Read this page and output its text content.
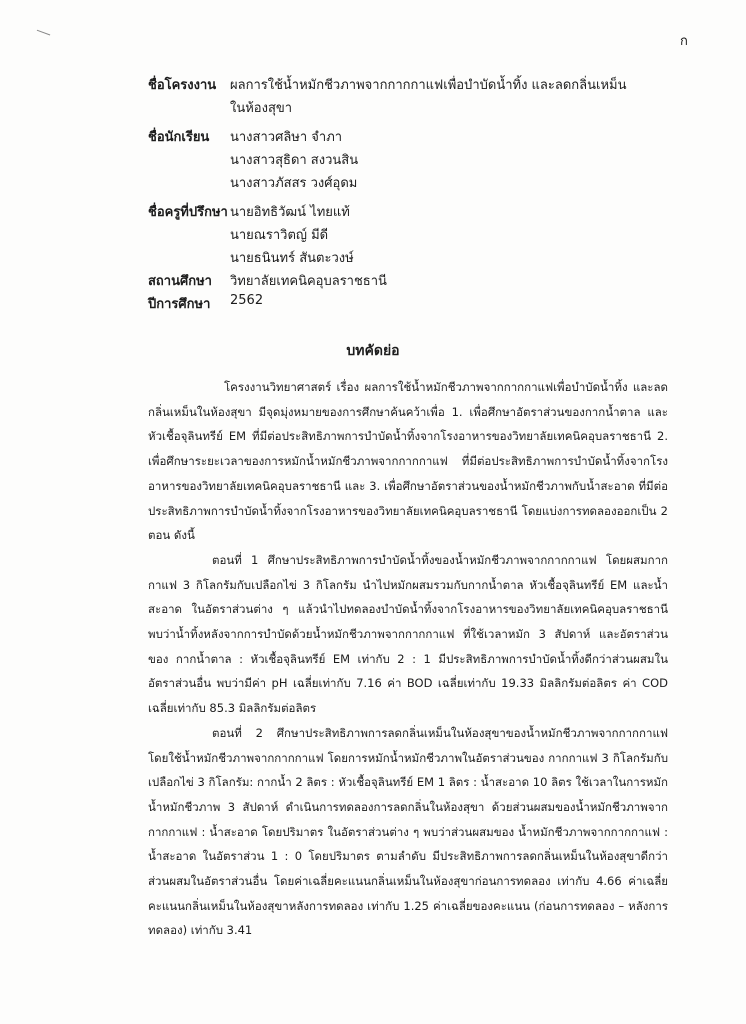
ก
ชื่อโครงงาน ผลการใช้น้ำหมักชีวภาพจากกากกาแฟเพื่อบำบัดน้ำทิ้ง และลดกลิ่นเหม็น
ในห้องสุขา
ชื่อนักเรียน นางสาวศลิษา จำภา
นางสาวสุธิดา สงวนสิน
นางสาวภัสสร วงศ์อุดม
ชื่อครูที่ปรึกษา นายอิทธิวัฒน์ ไทยแท้
นายณราวิตญ์ มีดี
นายธนินทร์ สันตะวงษ์
สถานศึกษา วิทยาลัยเทคนิคอุบลราชธานี
ปีการศึกษา 2562
บทคัดย่อ

โครงงานวิทยาศาสตร์ เรื่อง ผลการใช้น้ำหมักชีวภาพจากกากกาแฟเพื่อบำบัดน้ำทิ้ง และลดกลิ่นเหม็นในห้องสุขา มีจุดมุ่งหมายของการศึกษาค้นคว้าเพื่อ 1. เพื่อศึกษาอัตราส่วนของกากน้ำตาล และหัวเชื้อจุลินทรีย์ EM ที่มีต่อประสิทธิภาพการบำบัดน้ำทิ้งจากโรงอาหารของวิทยาลัยเทคนิคอุบลราชธานี 2. เพื่อศึกษาระยะเวลาของการหมักน้ำหมักชีวภาพจากกากกาแฟ ที่มีต่อประสิทธิภาพการบำบัดน้ำทิ้งจากโรงอาหารของวิทยาลัยเทคนิคอุบลราชธานี และ 3. เพื่อศึกษาอัตราส่วนของน้ำหมักชีวภาพกับน้ำสะอาด ที่มีต่อประสิทธิภาพการบำบัดน้ำทิ้งจากโรงอาหารของวิทยาลัยเทคนิคอุบลราชธานี โดยแบ่งการทดลองออกเป็น 2 ตอน ดังนี้

ตอนที่ 1 ศึกษาประสิทธิภาพการบำบัดน้ำทิ้งของน้ำหมักชีวภาพจากกากกาแฟ โดยผสมกากกาแฟ 3 กิโลกรัมกับเปลือกไข่ 3 กิโลกรัม นำไปหมักผสมรวมกับกากน้ำตาล หัวเชื้อจุลินทรีย์ EM และน้ำสะอาด ในอัตราส่วนต่าง ๆ แล้วนำไปทดลองบำบัดน้ำทิ้งจากโรงอาหารของวิทยาลัยเทคนิคอุบลราชธานี พบว่าน้ำทิ้งหลังจากการบำบัดด้วยน้ำหมักชีวภาพจากกากกาแฟ ที่ใช้เวลาหมัก 3 สัปดาห์ และอัตราส่วนของ กากน้ำตาล : หัวเชื้อจุลินทรีย์ EM เท่ากับ 2 : 1 มีประสิทธิภาพการบำบัดน้ำทิ้งดีกว่าส่วนผสมในอัตราส่วนอื่น พบว่ามีค่า pH เฉลี่ยเท่ากับ 7.16 ค่า BOD เฉลี่ยเท่ากับ 19.33 มิลลิกรัมต่อลิตร ค่า COD เฉลี่ยเท่ากับ 85.3 มิลลิกรัมต่อลิตร

ตอนที่ 2 ศึกษาประสิทธิภาพการลดกลิ่นเหม็นในห้องสุขาของน้ำหมักชีวภาพจากกากกาแฟ โดยใช้น้ำหมักชีวภาพจากกากกาแฟ โดยการหมักน้ำหมักชีวภาพในอัตราส่วนของ กากกาแฟ 3 กิโลกรัมกับเปลือกไข่ 3 กิโลกรัม: กากน้ำ 2 ลิตร : หัวเชื้อจุลินทรีย์ EM 1 ลิตร : น้ำสะอาด 10 ลิตร ใช้เวลาในการหมักน้ำหมักชีวภาพ 3 สัปดาห์ ดำเนินการทดลองการลดกลิ่นในห้องสุขา ด้วยส่วนผสมของน้ำหมักชีวภาพจากกากกาแฟ : น้ำสะอาด โดยปริมาตร ในอัตราส่วนต่าง ๆ พบว่าส่วนผสมของ น้ำหมักชีวภาพจากกากกาแฟ : น้ำสะอาด ในอัตราส่วน 1 : 0 โดยปริมาตร ตามลำดับ มีประสิทธิภาพการลดกลิ่นเหม็นในห้องสุขาดีกว่าส่วนผสมในอัตราส่วนอื่น โดยค่าเฉลี่ยคะแนนกลิ่นเหม็นในห้องสุขาก่อนการทดลอง เท่ากับ 4.66 ค่าเฉลี่ยคะแนนกลิ่นเหม็นในห้องสุขาหลังการทดลอง เท่ากับ 1.25 ค่าเฉลี่ยของคะแนน (ก่อนการทดลอง – หลังการทดลอง) เท่ากับ 3.41
